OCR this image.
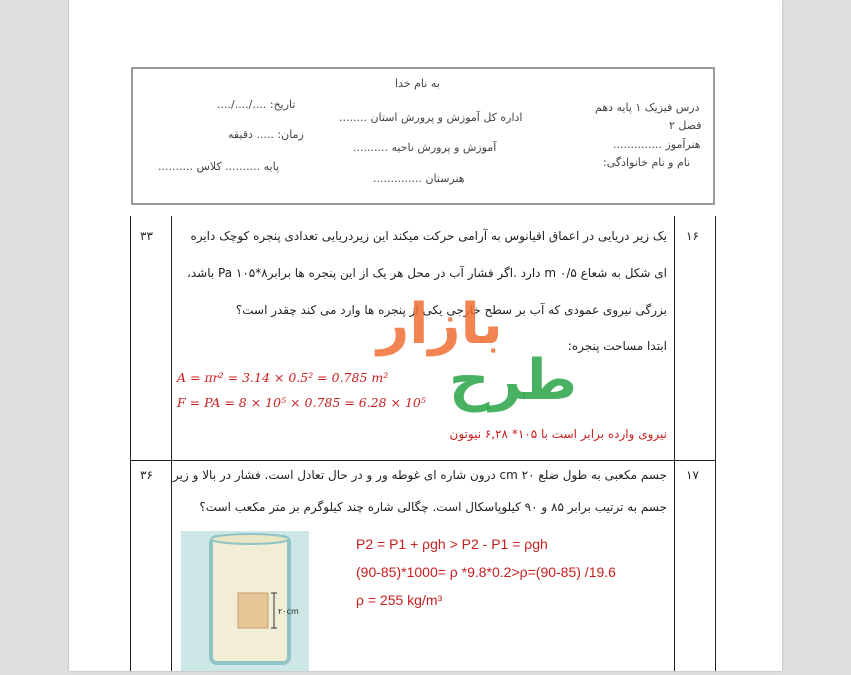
به نام خدا
تاریخ: ..../..../....
زمان: ..... دقیقه
پایه .......... کلاس ..........
اداره کل آموزش و پرورش استان ........
آموزش و پرورش ناحیه ..........
هنرستان ..............
درس فیزیک ۱ پایه دهم
فصل ۲
هنرآموز ..............
نام و نام خانوادگی:
۳۳	۱۶
یک زیر دریایی در اعماق اقیانوس به آرامی حرکت میکند این زیردریایی تعدادی پنجره کوچک دایره
ای شکل به شعاع ۰/۵ m دارد .اگر فشار آب در محل هر یک از این پنجره ها برابرPa ۱۰۵*۸ باشد،
بزرگی نیروی عمودی که آب بر سطح خارجی یکی از پنجره ها وارد می کند چقدر است؟
ابتدا مساحت پنجره:
A = πr² = 3.14 × 0.5² = 0.785 m²
F = PA = 8 × 10⁵ × 0.785 = 6.28 × 10⁵
نیروی وارده برابر است با ۱۰۵* ۶,۲۸ نیوتون
۳۶	۱۷
جسم مکعبی به طول ضلع ۲۰ cm درون شاره ای غوطه ور و در حال تعادل است. فشار در بالا و زیر
جسم به ترتیب برابر ۸۵ و ۹۰ کیلوپاسکال است. چگالی شاره چند کیلوگرم بر متر مکعب است؟
۲۰cm
P2 = P1 + ρgh > P2 - P1 = ρgh
(90-85)*1000= ρ *9.8*0.2>ρ=(90-85) /19.6
ρ = 255 kg/m³
بازار
طرح
